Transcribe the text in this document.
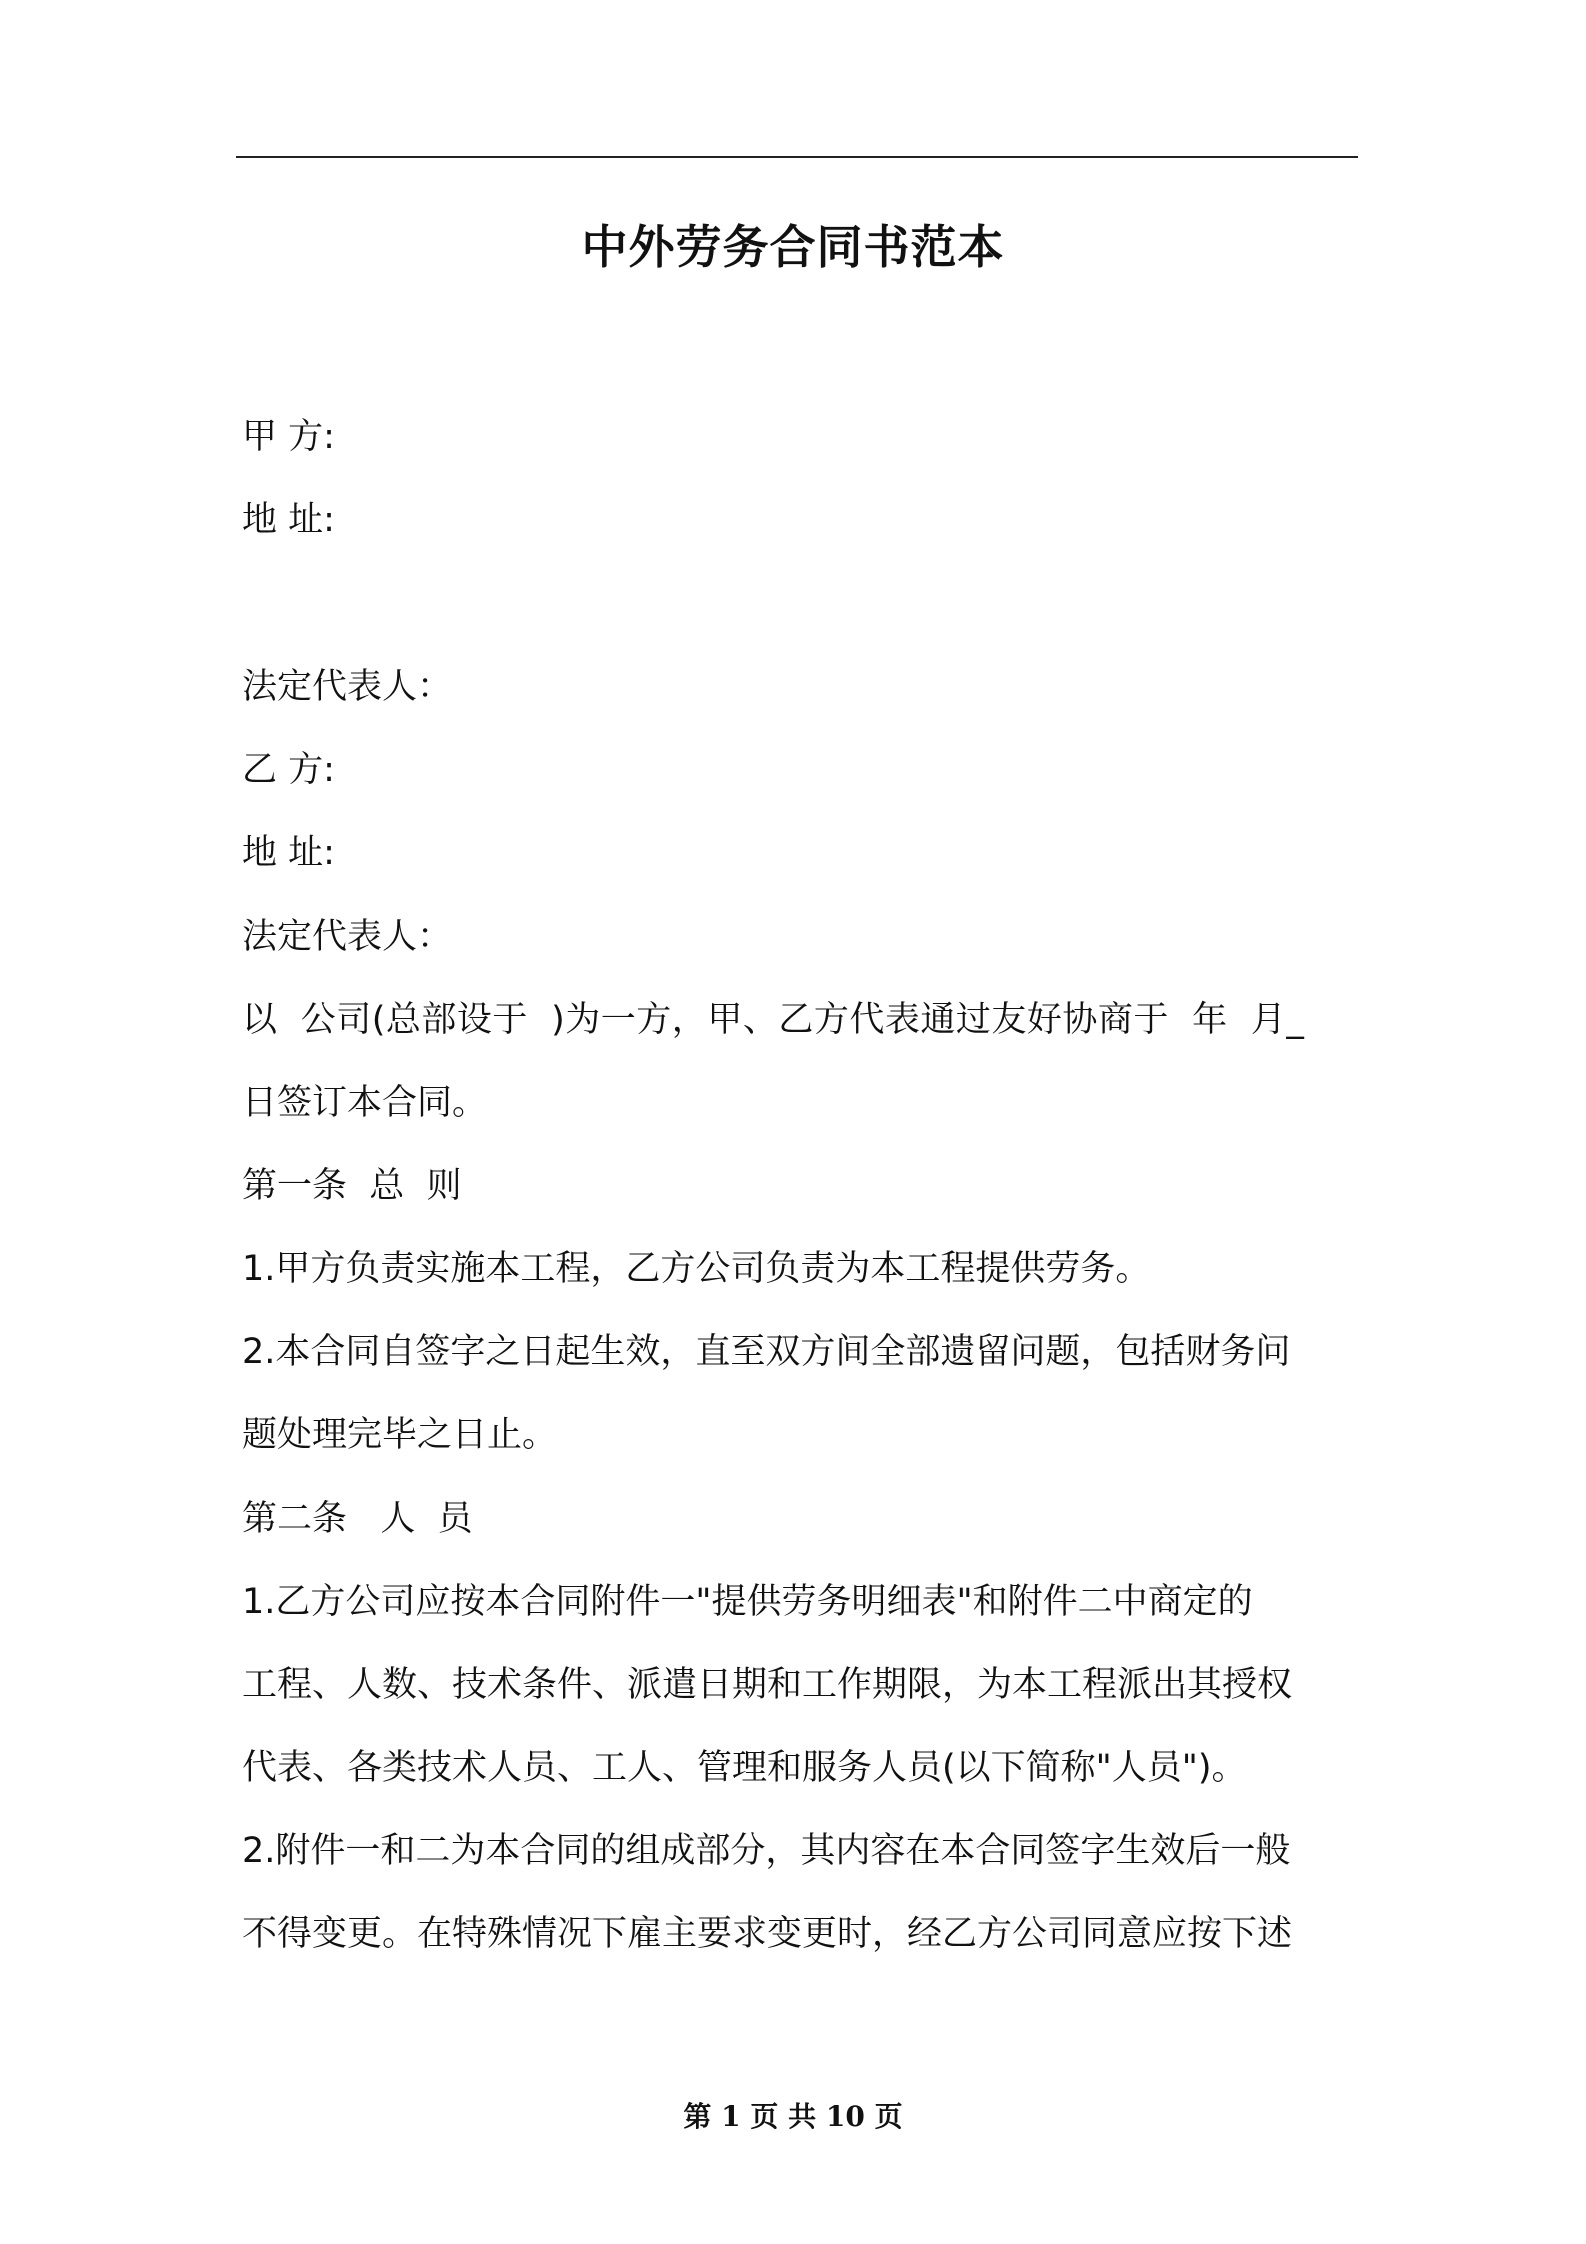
中外劳务合同书范本
甲 方:
地 址:
法定代表人：
乙 方:
地 址:
法定代表人：
以  公司(总部设于  )为一方，甲、乙方代表通过友好协商于  年  月_
日签订本合同。
第一条  总  则
1.甲方负责实施本工程，乙方公司负责为本工程提供劳务。
2.本合同自签字之日起生效，直至双方间全部遗留问题，包括财务问
题处理完毕之日止。
第二条   人  员
1.乙方公司应按本合同附件一"提供劳务明细表"和附件二中商定的
工程、人数、技术条件、派遣日期和工作期限，为本工程派出其授权
代表、各类技术人员、工人、管理和服务人员(以下简称"人员")。
2.附件一和二为本合同的组成部分，其内容在本合同签字生效后一般
不得变更。在特殊情况下雇主要求变更时，经乙方公司同意应按下述
第 1 页 共 10 页
